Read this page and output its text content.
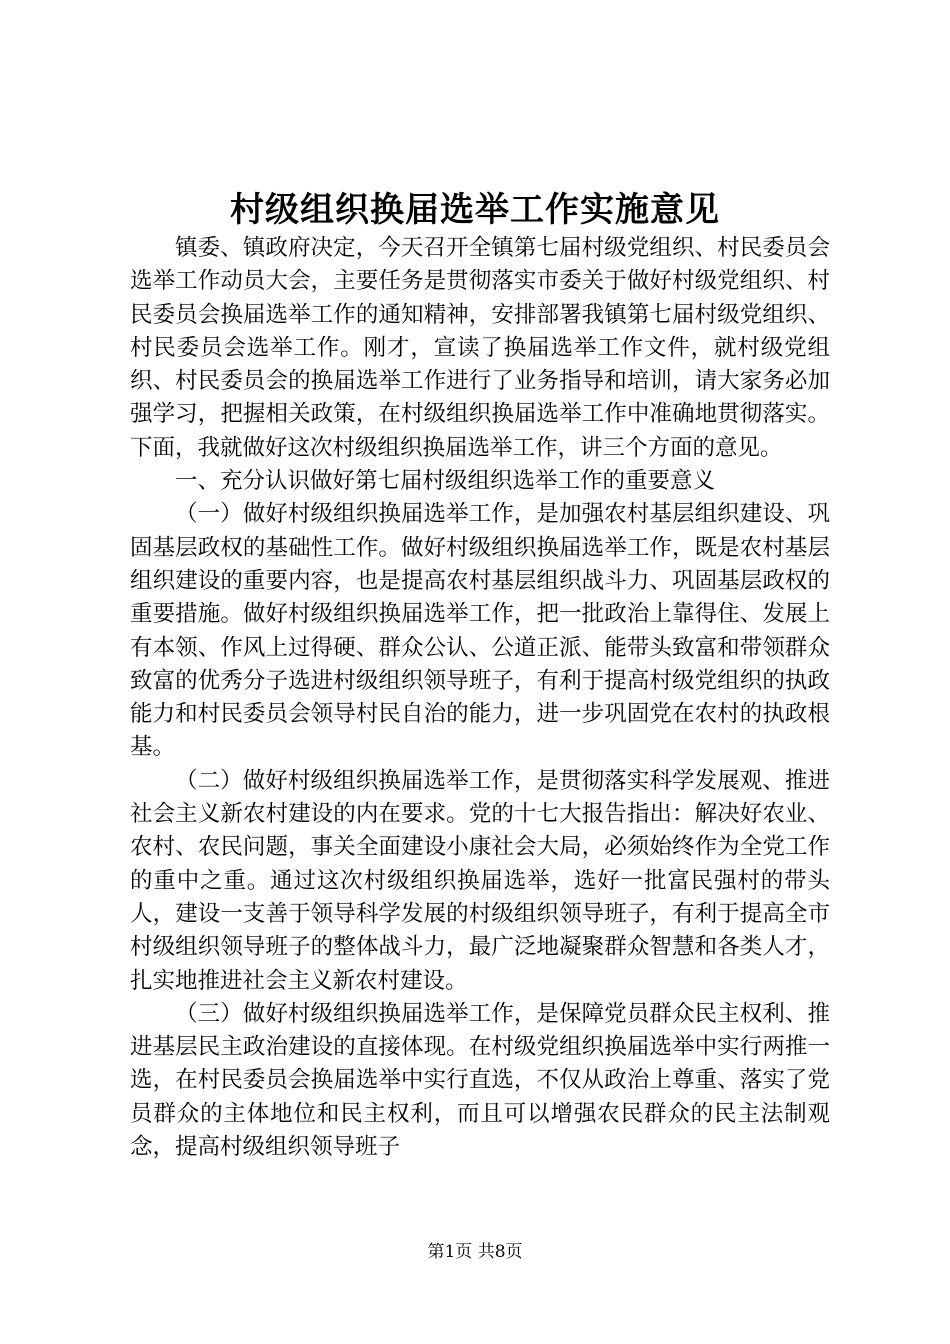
村级组织换届选举工作实施意见

镇委、镇政府决定，今天召开全镇第七届村级党组织、村民委员会选举工作动员大会，主要任务是贯彻落实市委关于做好村级党组织、村民委员会换届选举工作的通知精神，安排部署我镇第七届村级党组织、村民委员会选举工作。刚才，宣读了换届选举工作文件，就村级党组织、村民委员会的换届选举工作进行了业务指导和培训，请大家务必加强学习，把握相关政策，在村级组织换届选举工作中准确地贯彻落实。下面，我就做好这次村级组织换届选举工作，讲三个方面的意见。

一、充分认识做好第七届村级组织选举工作的重要意义

（一）做好村级组织换届选举工作，是加强农村基层组织建设、巩固基层政权的基础性工作。做好村级组织换届选举工作，既是农村基层组织建设的重要内容，也是提高农村基层组织战斗力、巩固基层政权的重要措施。做好村级组织换届选举工作，把一批政治上靠得住、发展上有本领、作风上过得硬、群众公认、公道正派、能带头致富和带领群众致富的优秀分子选进村级组织领导班子，有利于提高村级党组织的执政能力和村民委员会领导村民自治的能力，进一步巩固党在农村的执政根基。

（二）做好村级组织换届选举工作，是贯彻落实科学发展观、推进社会主义新农村建设的内在要求。党的十七大报告指出：解决好农业、农村、农民问题，事关全面建设小康社会大局，必须始终作为全党工作的重中之重。通过这次村级组织换届选举，选好一批富民强村的带头人，建设一支善于领导科学发展的村级组织领导班子，有利于提高全市村级组织领导班子的整体战斗力，最广泛地凝聚群众智慧和各类人才，扎实地推进社会主义新农村建设。

（三）做好村级组织换届选举工作，是保障党员群众民主权利、推进基层民主政治建设的直接体现。在村级党组织换届选举中实行两推一选，在村民委员会换届选举中实行直选，不仅从政治上尊重、落实了党员群众的主体地位和民主权利，而且可以增强农民群众的民主法制观念，提高村级组织领导班子

第1页 共8页
